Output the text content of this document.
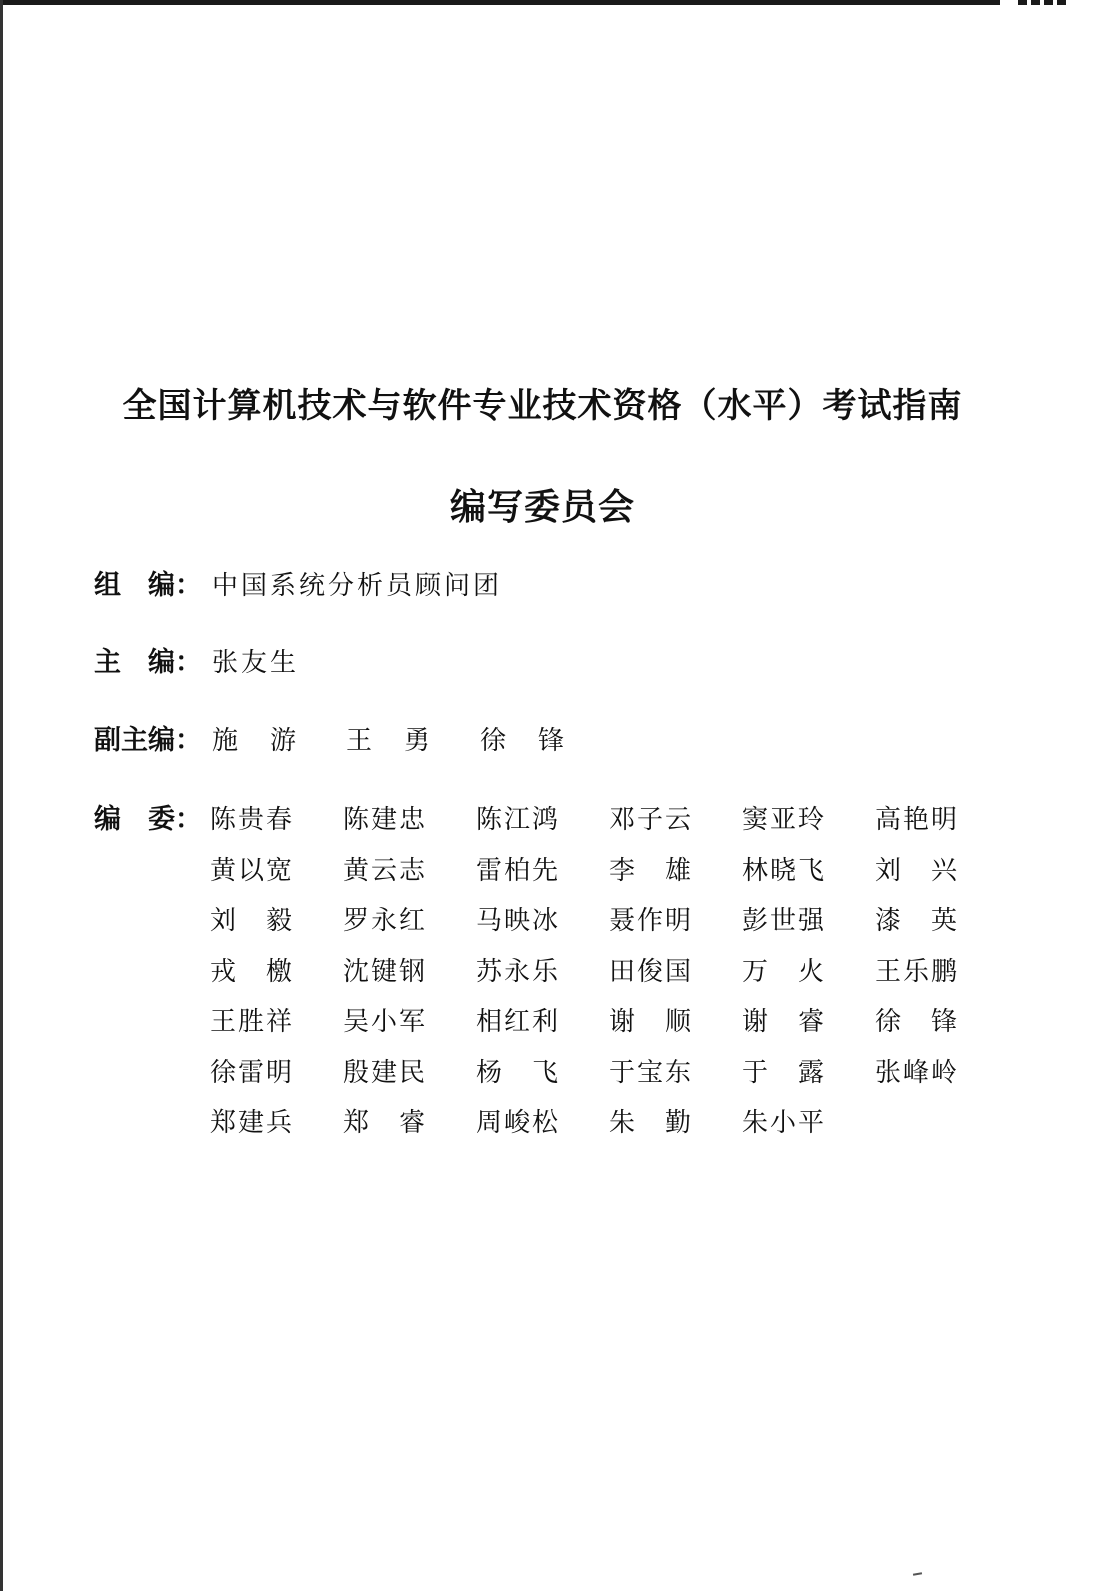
全国计算机技术与软件专业技术资格（水平）考试指南
编写委员会
组　编： 中国系统分析员顾问团
主　编： 张友生
副主编： 施　游 王　勇 徐　锋
编　委： 陈贵春	陈建忠	陈江鸿	邓子云	窦亚玲	高艳明
黄以宽	黄云志	雷柏先	李　雄	林晓飞	刘　兴
刘　毅	罗永红	马映冰	聂作明	彭世强	漆　英
戎　檄	沈键钢	苏永乐	田俊国	万　火	王乐鹏
王胜祥	吴小军	相红利	谢　顺	谢　睿	徐　锋
徐雷明	殷建民	杨　飞	于宝东	于　露	张峰岭
郑建兵	郑　睿	周峻松	朱　勤	朱小平
